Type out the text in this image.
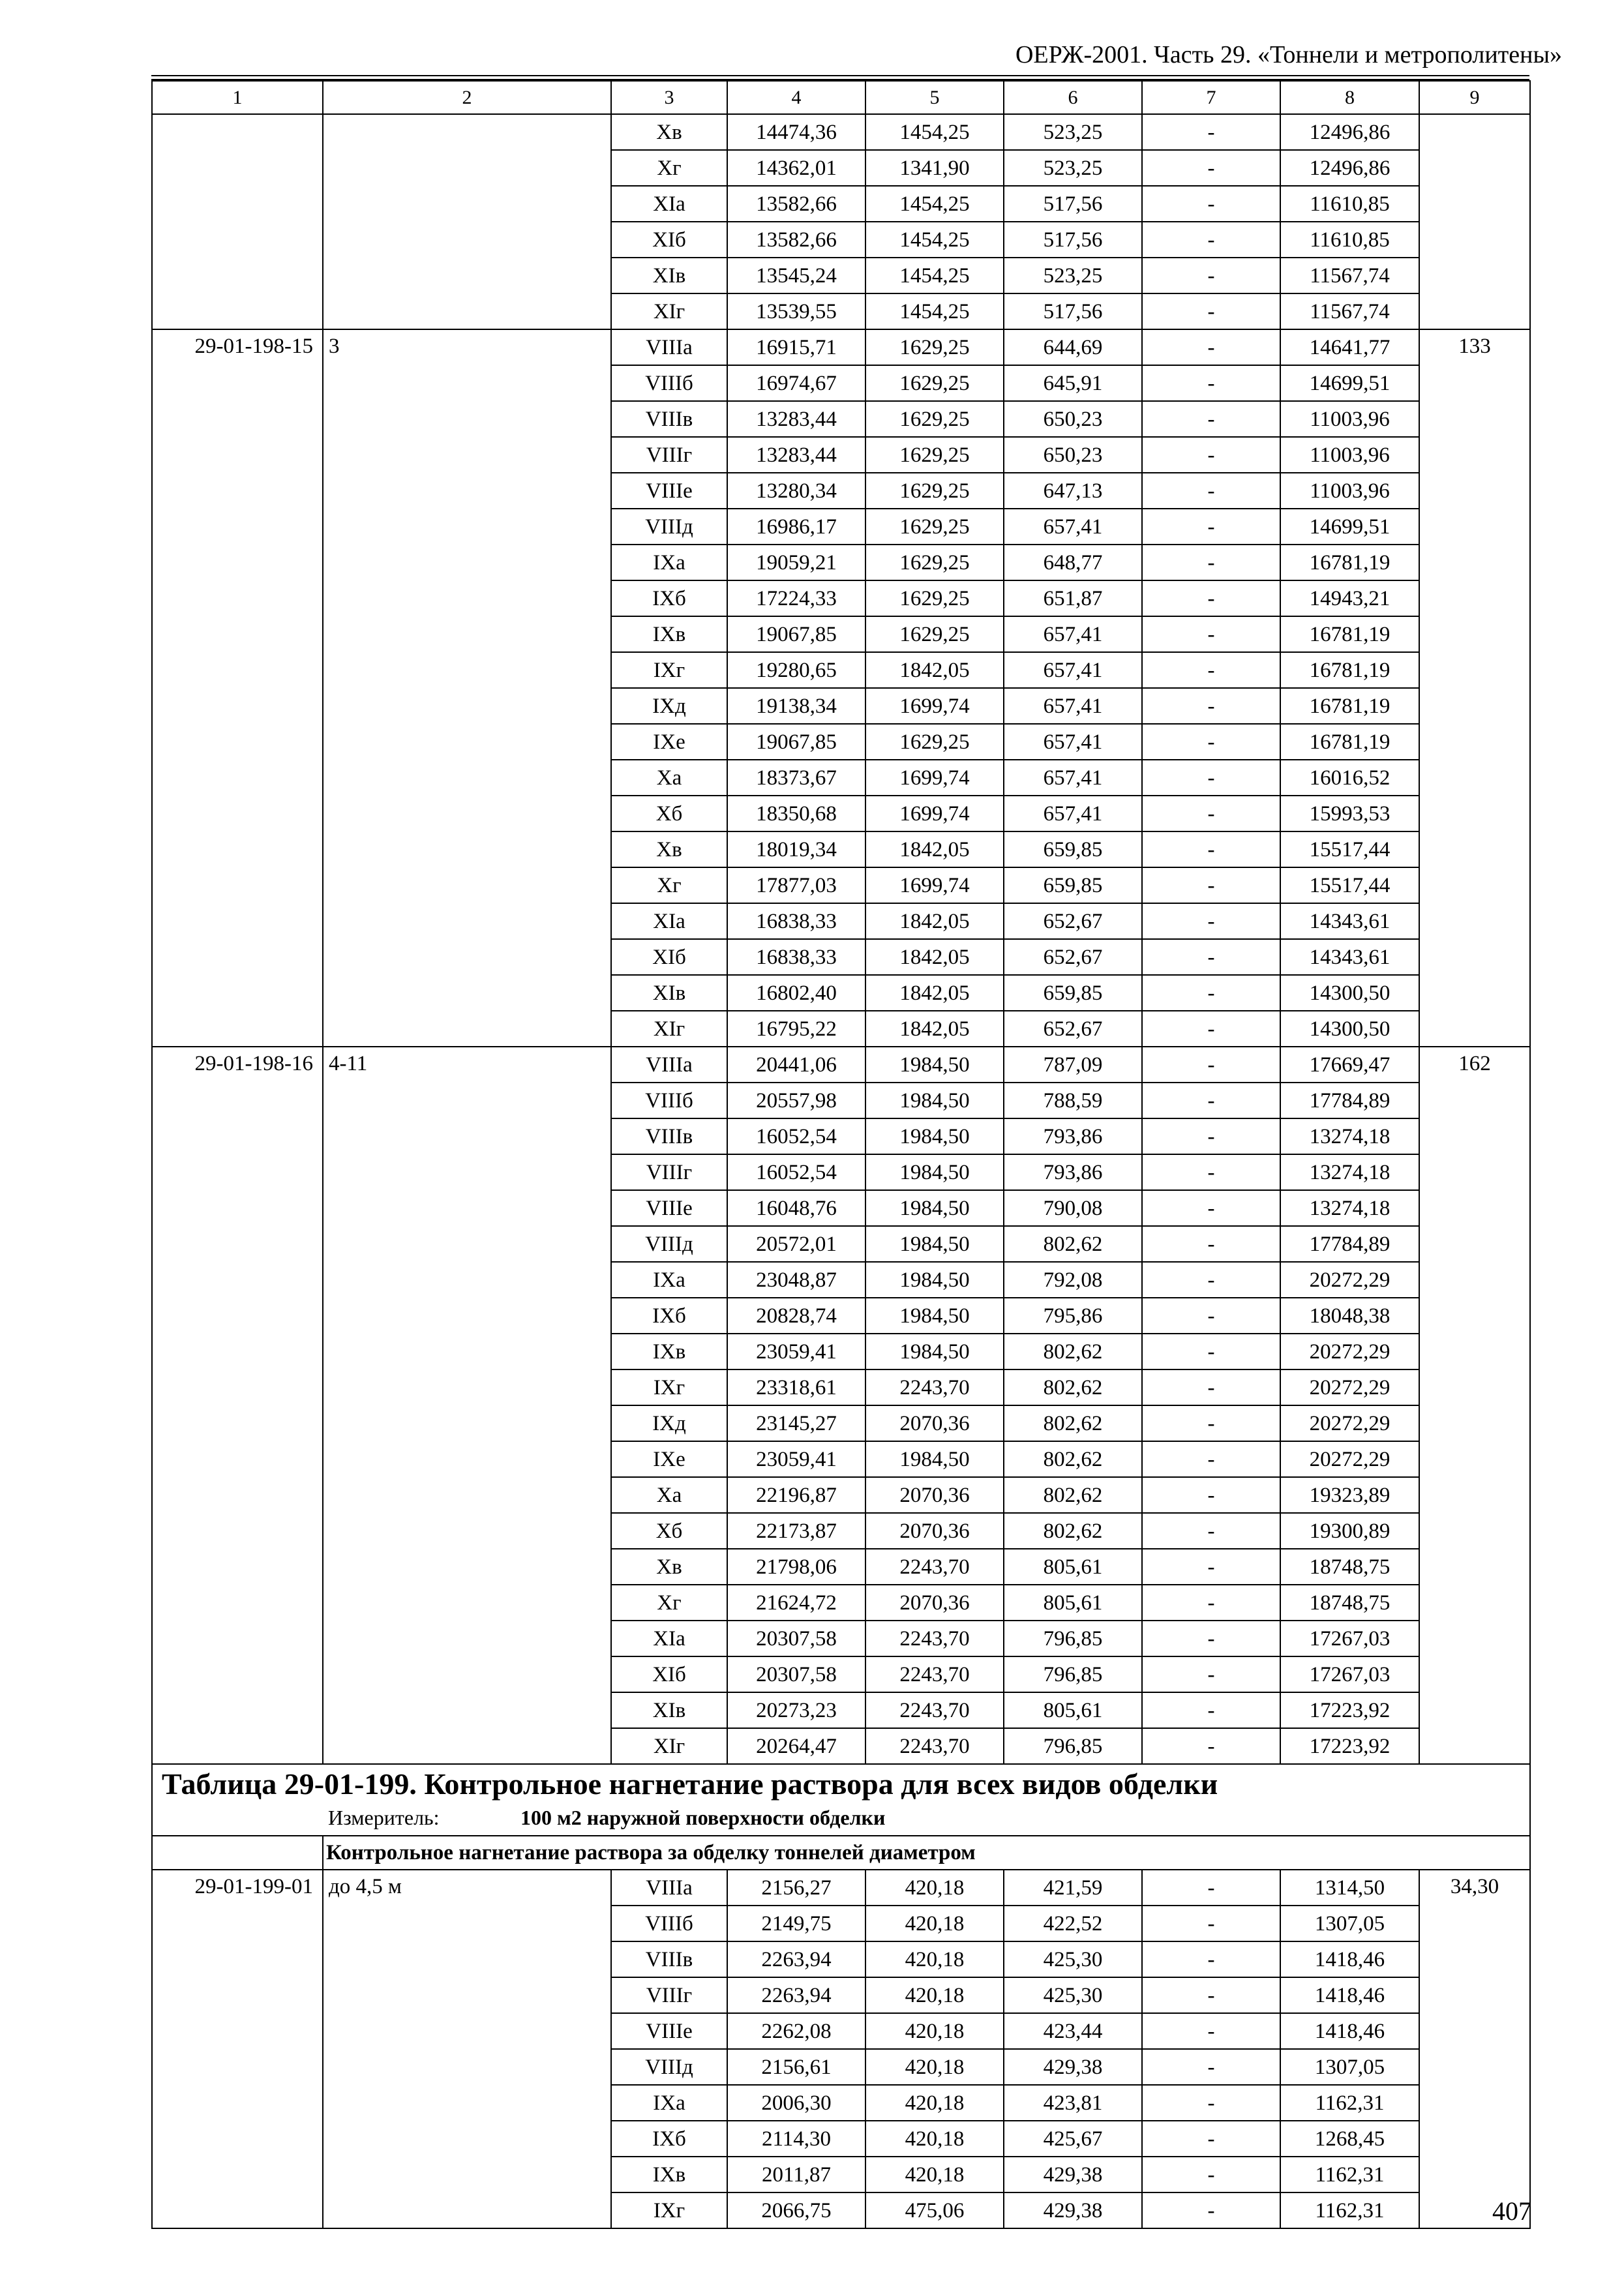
ОЕРЖ-2001. Часть 29. «Тоннели и метрополитены»
1	2	3	4	5	6	7	8	9
		Xв	14474,36	1454,25	523,25	-	12496,86	
		Xг	14362,01	1341,90	523,25	-	12496,86	
		XIa	13582,66	1454,25	517,56	-	11610,85	
		XIб	13582,66	1454,25	517,56	-	11610,85	
		XIв	13545,24	1454,25	523,25	-	11567,74	
		XIг	13539,55	1454,25	517,56	-	11567,74	
29-01-198-15	3	VIIIa	16915,71	1629,25	644,69	-	14641,77	133
		VIIIб	16974,67	1629,25	645,91	-	14699,51	
		VIIIв	13283,44	1629,25	650,23	-	11003,96	
		VIIIг	13283,44	1629,25	650,23	-	11003,96	
		VIIIе	13280,34	1629,25	647,13	-	11003,96	
		VIIIд	16986,17	1629,25	657,41	-	14699,51	
		IXa	19059,21	1629,25	648,77	-	16781,19	
		IXб	17224,33	1629,25	651,87	-	14943,21	
		IXв	19067,85	1629,25	657,41	-	16781,19	
		IXг	19280,65	1842,05	657,41	-	16781,19	
		IXд	19138,34	1699,74	657,41	-	16781,19	
		IXе	19067,85	1629,25	657,41	-	16781,19	
		Xa	18373,67	1699,74	657,41	-	16016,52	
		Xб	18350,68	1699,74	657,41	-	15993,53	
		Xв	18019,34	1842,05	659,85	-	15517,44	
		Xг	17877,03	1699,74	659,85	-	15517,44	
		XIa	16838,33	1842,05	652,67	-	14343,61	
		XIб	16838,33	1842,05	652,67	-	14343,61	
		XIв	16802,40	1842,05	659,85	-	14300,50	
		XIг	16795,22	1842,05	652,67	-	14300,50	
29-01-198-16	4-11	VIIIa	20441,06	1984,50	787,09	-	17669,47	162
		VIIIб	20557,98	1984,50	788,59	-	17784,89	
		VIIIв	16052,54	1984,50	793,86	-	13274,18	
		VIIIг	16052,54	1984,50	793,86	-	13274,18	
		VIIIе	16048,76	1984,50	790,08	-	13274,18	
		VIIIд	20572,01	1984,50	802,62	-	17784,89	
		IXa	23048,87	1984,50	792,08	-	20272,29	
		IXб	20828,74	1984,50	795,86	-	18048,38	
		IXв	23059,41	1984,50	802,62	-	20272,29	
		IXг	23318,61	2243,70	802,62	-	20272,29	
		IXд	23145,27	2070,36	802,62	-	20272,29	
		IXе	23059,41	1984,50	802,62	-	20272,29	
		Xa	22196,87	2070,36	802,62	-	19323,89	
		Xб	22173,87	2070,36	802,62	-	19300,89	
		Xв	21798,06	2243,70	805,61	-	18748,75	
		Xг	21624,72	2070,36	805,61	-	18748,75	
		XIa	20307,58	2243,70	796,85	-	17267,03	
		XIб	20307,58	2243,70	796,85	-	17267,03	
		XIв	20273,23	2243,70	805,61	-	17223,92	
		XIг	20264,47	2243,70	796,85	-	17223,92	

Таблица 29-01-199. Контрольное нагнетание раствора для всех видов обделки
Измеритель: 100 м2 наружной поверхности обделки								

	Контрольное нагнетание раствора за обделку тоннелей диаметром							
29-01-199-01	до 4,5 м	VIIIa	2156,27	420,18	421,59	-	1314,50	34,30
		VIIIб	2149,75	420,18	422,52	-	1307,05	
		VIIIв	2263,94	420,18	425,30	-	1418,46	
		VIIIг	2263,94	420,18	425,30	-	1418,46	
		VIIIе	2262,08	420,18	423,44	-	1418,46	
		VIIIд	2156,61	420,18	429,38	-	1307,05	
		IXa	2006,30	420,18	423,81	-	1162,31	
		IXб	2114,30	420,18	425,67	-	1268,45	
		IXв	2011,87	420,18	429,38	-	1162,31	
		IXг	2066,75	475,06	429,38	-	1162,31		407
